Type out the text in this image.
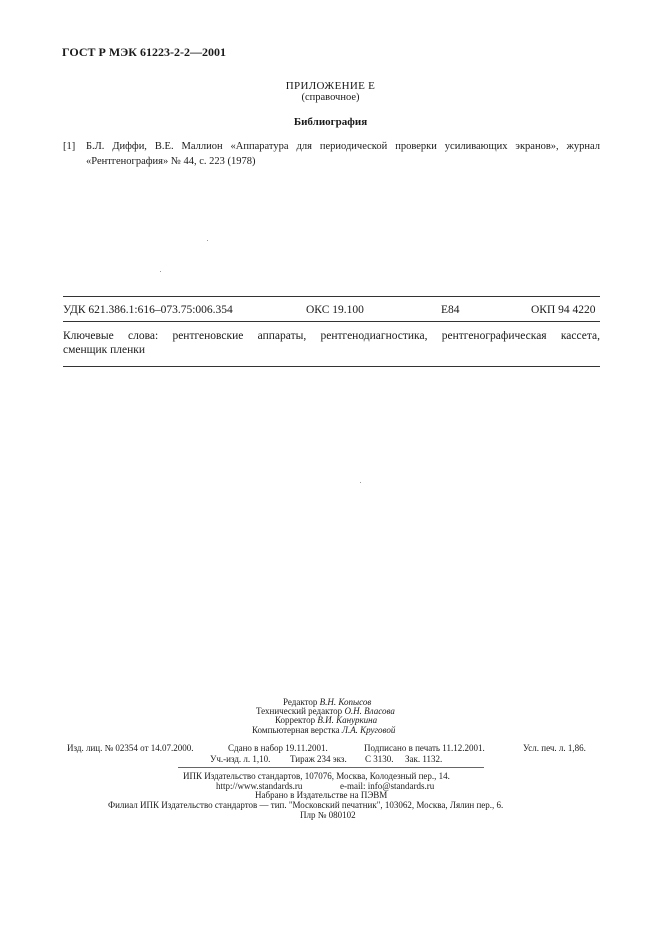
ГОСТ Р МЭК 61223-2-2—2001
ПРИЛОЖЕНИЕ Е
(справочное)
Библиография
[1] Б.Л. Диффи, В.Е. Маллион «Аппаратура для периодической проверки усиливающих экранов», журнал
«Рентгенография» № 44, с. 223 (1978)
УДК 621.386.1:616–073.75:006.354	ОКС 19.100	Е84	ОКП 94 4220
Ключевые слова: рентгеновские аппараты, рентгенодиагностика, рентгенографическая кассета,
сменщик пленки
Редактор В.Н. Копысов
Технический редактор О.Н. Власова
Корректор В.И. Кануркина
Компьютерная верстка Л.А. Круговой
Изд. лиц. № 02354 от 14.07.2000.	Сдано в набор 19.11.2001.	Подписано в печать 11.12.2001.	Усл. печ. л. 1,86.
Уч.-изд. л. 1,10. Тираж 234 экз. С 3130. Зак. 1132.
ИПК Издательство стандартов, 107076, Москва, Колодезный пер., 14.
http://www.standards.ru	e-mail: info@standards.ru
Набрано в Издательстве на ПЭВМ
Филиал ИПК Издательство стандартов — тип. "Московский печатник", 103062, Москва, Лялин пер., 6.
Плр № 080102
